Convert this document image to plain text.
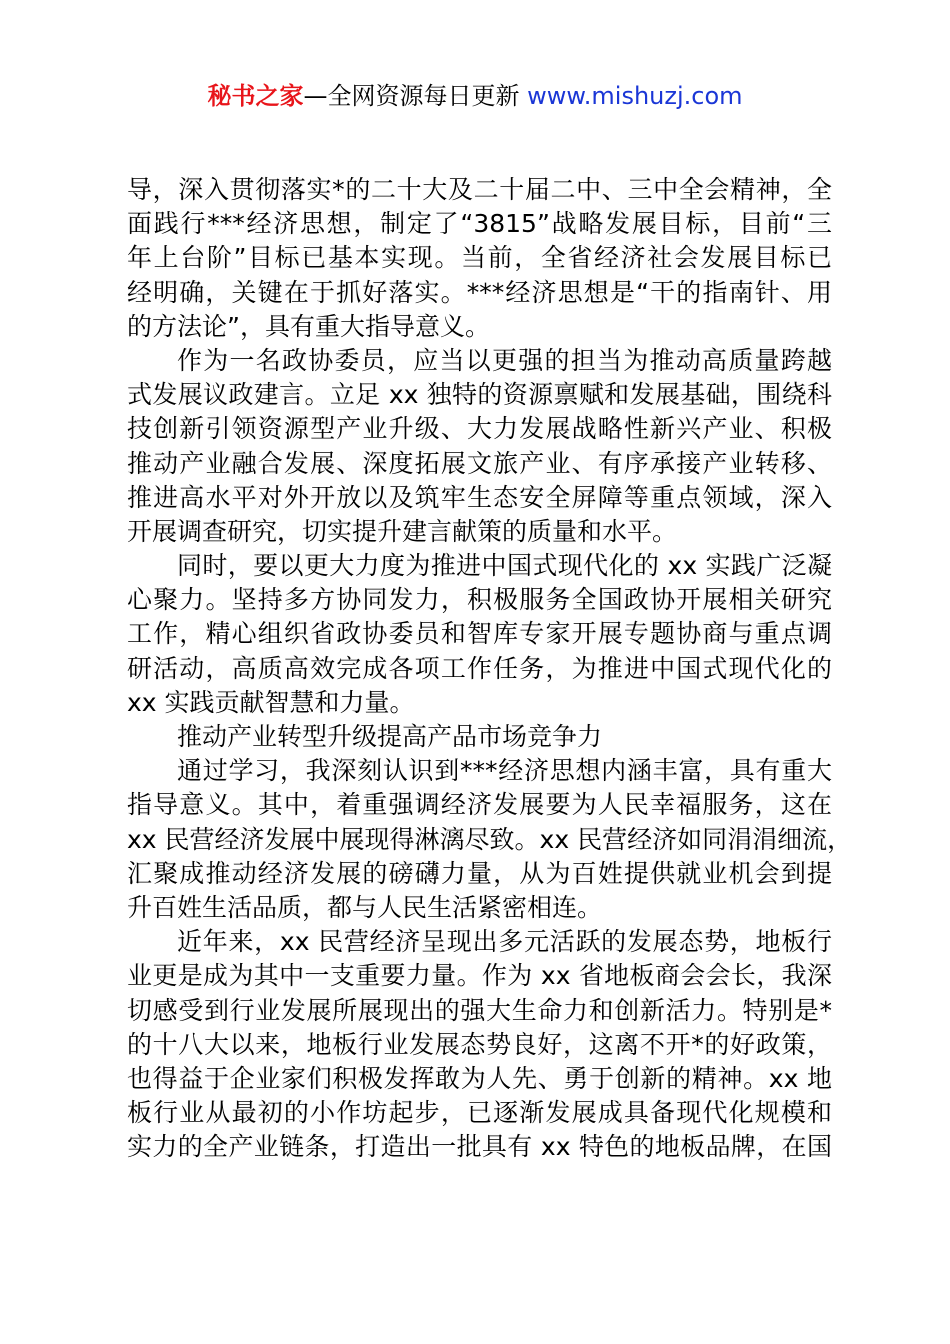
秘书之家—全网资源每日更新 www.mishuzj.com
导，深入贯彻落实*的二十大及二十届二中、三中全会精神，全
面践行***经济思想，制定了“3815”战略发展目标，目前“三
年上台阶”目标已基本实现。当前，全省经济社会发展目标已
经明确，关键在于抓好落实。***经济思想是“干的指南针、用
的方法论”，具有重大指导意义。
作为一名政协委员，应当以更强的担当为推动高质量跨越
式发展议政建言。立足 xx 独特的资源禀赋和发展基础，围绕科
技创新引领资源型产业升级、大力发展战略性新兴产业、积极
推动产业融合发展、深度拓展文旅产业、有序承接产业转移、
推进高水平对外开放以及筑牢生态安全屏障等重点领域，深入
开展调查研究，切实提升建言献策的质量和水平。
同时，要以更大力度为推进中国式现代化的 xx 实践广泛凝
心聚力。坚持多方协同发力，积极服务全国政协开展相关研究
工作，精心组织省政协委员和智库专家开展专题协商与重点调
研活动，高质高效完成各项工作任务，为推进中国式现代化的
xx 实践贡献智慧和力量。
推动产业转型升级提高产品市场竞争力
通过学习，我深刻认识到***经济思想内涵丰富，具有重大
指导意义。其中，着重强调经济发展要为人民幸福服务，这在
xx 民营经济发展中展现得淋漓尽致。xx 民营经济如同涓涓细流，
汇聚成推动经济发展的磅礴力量，从为百姓提供就业机会到提
升百姓生活品质，都与人民生活紧密相连。
近年来，xx 民营经济呈现出多元活跃的发展态势，地板行
业更是成为其中一支重要力量。作为 xx 省地板商会会长，我深
切感受到行业发展所展现出的强大生命力和创新活力。特别是*
的十八大以来，地板行业发展态势良好，这离不开*的好政策，
也得益于企业家们积极发挥敢为人先、勇于创新的精神。xx 地
板行业从最初的小作坊起步，已逐渐发展成具备现代化规模和
实力的全产业链条，打造出一批具有 xx 特色的地板品牌，在国
